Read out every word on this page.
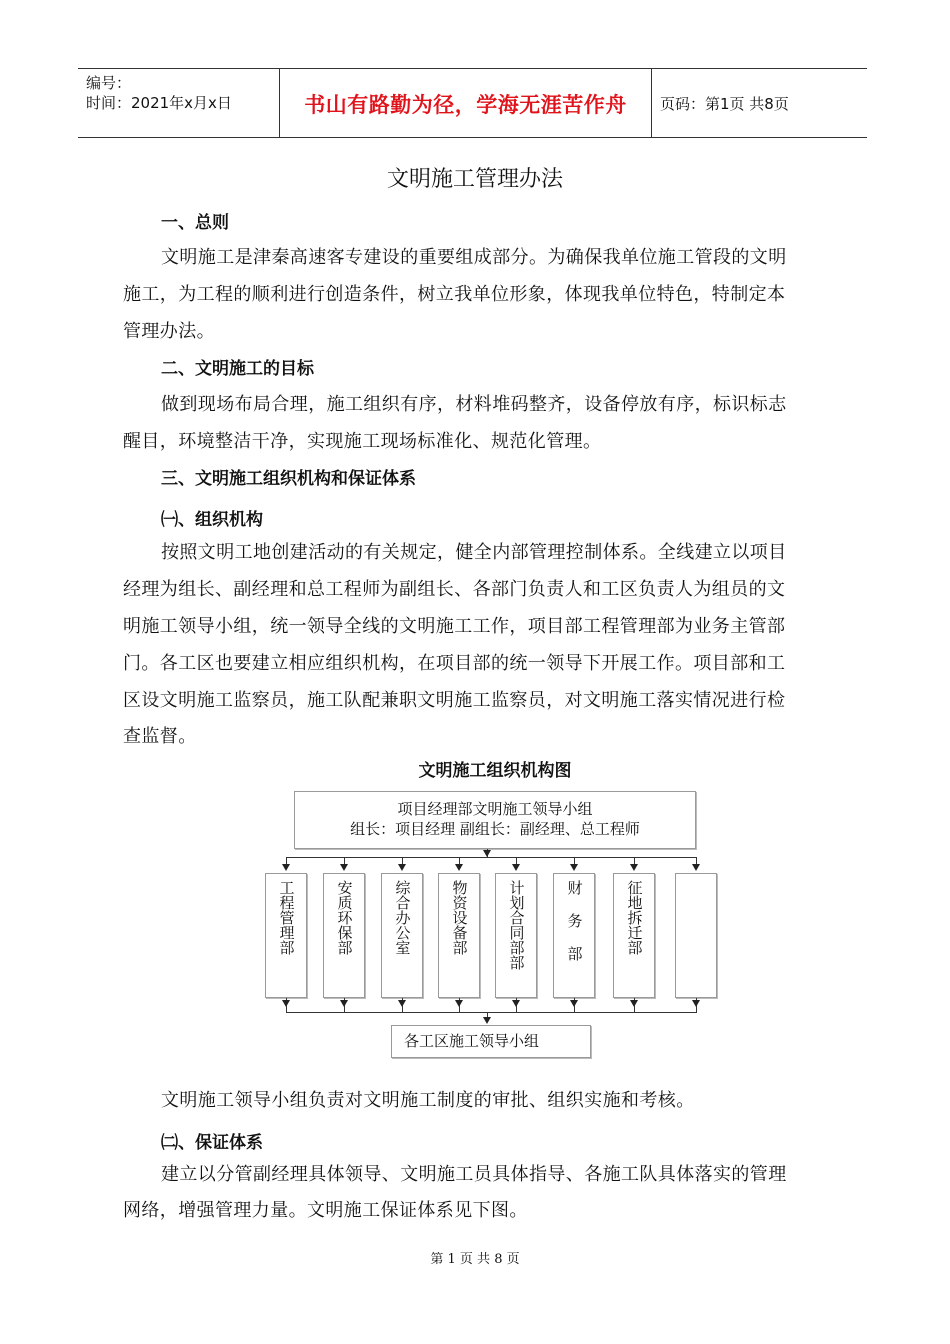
编号：
时间：2021年x月x日	书山有路勤为径，学海无涯苦作舟	页码：第1页 共8页
文明施工管理办法
一、总则
文明施工是津秦高速客专建设的重要组成部分。为确保我单位施工管段的文明
施工，为工程的顺利进行创造条件，树立我单位形象，体现我单位特色，特制定本
管理办法。
二、文明施工的目标
做到现场布局合理，施工组织有序，材料堆码整齐，设备停放有序，标识标志
醒目，环境整洁干净，实现施工现场标准化、规范化管理。
三、文明施工组织机构和保证体系
㈠、组织机构
按照文明工地创建活动的有关规定，健全内部管理控制体系。全线建立以项目
经理为组长、副经理和总工程师为副组长、各部门负责人和工区负责人为组员的文
明施工领导小组，统一领导全线的文明施工工作，项目部工程管理部为业务主管部
门。各工区也要建立相应组织机构，在项目部的统一领导下开展工作。项目部和工
区设文明施工监察员，施工队配兼职文明施工监察员，对文明施工落实情况进行检
查监督。
文明施工组织机构图
项目经理部文明施工领导小组
组长：项目经理 副组长：副经理、总工程师
工程管理部	安质环保部	综合办公室	物资设备部	计划合同部部	财务部	征地拆迁部
各工区施工领导小组
文明施工领导小组负责对文明施工制度的审批、组织实施和考核。
㈡、保证体系
建立以分管副经理具体领导、文明施工员具体指导、各施工队具体落实的管理
网络，增强管理力量。文明施工保证体系见下图。
第 1 页 共 8 页
